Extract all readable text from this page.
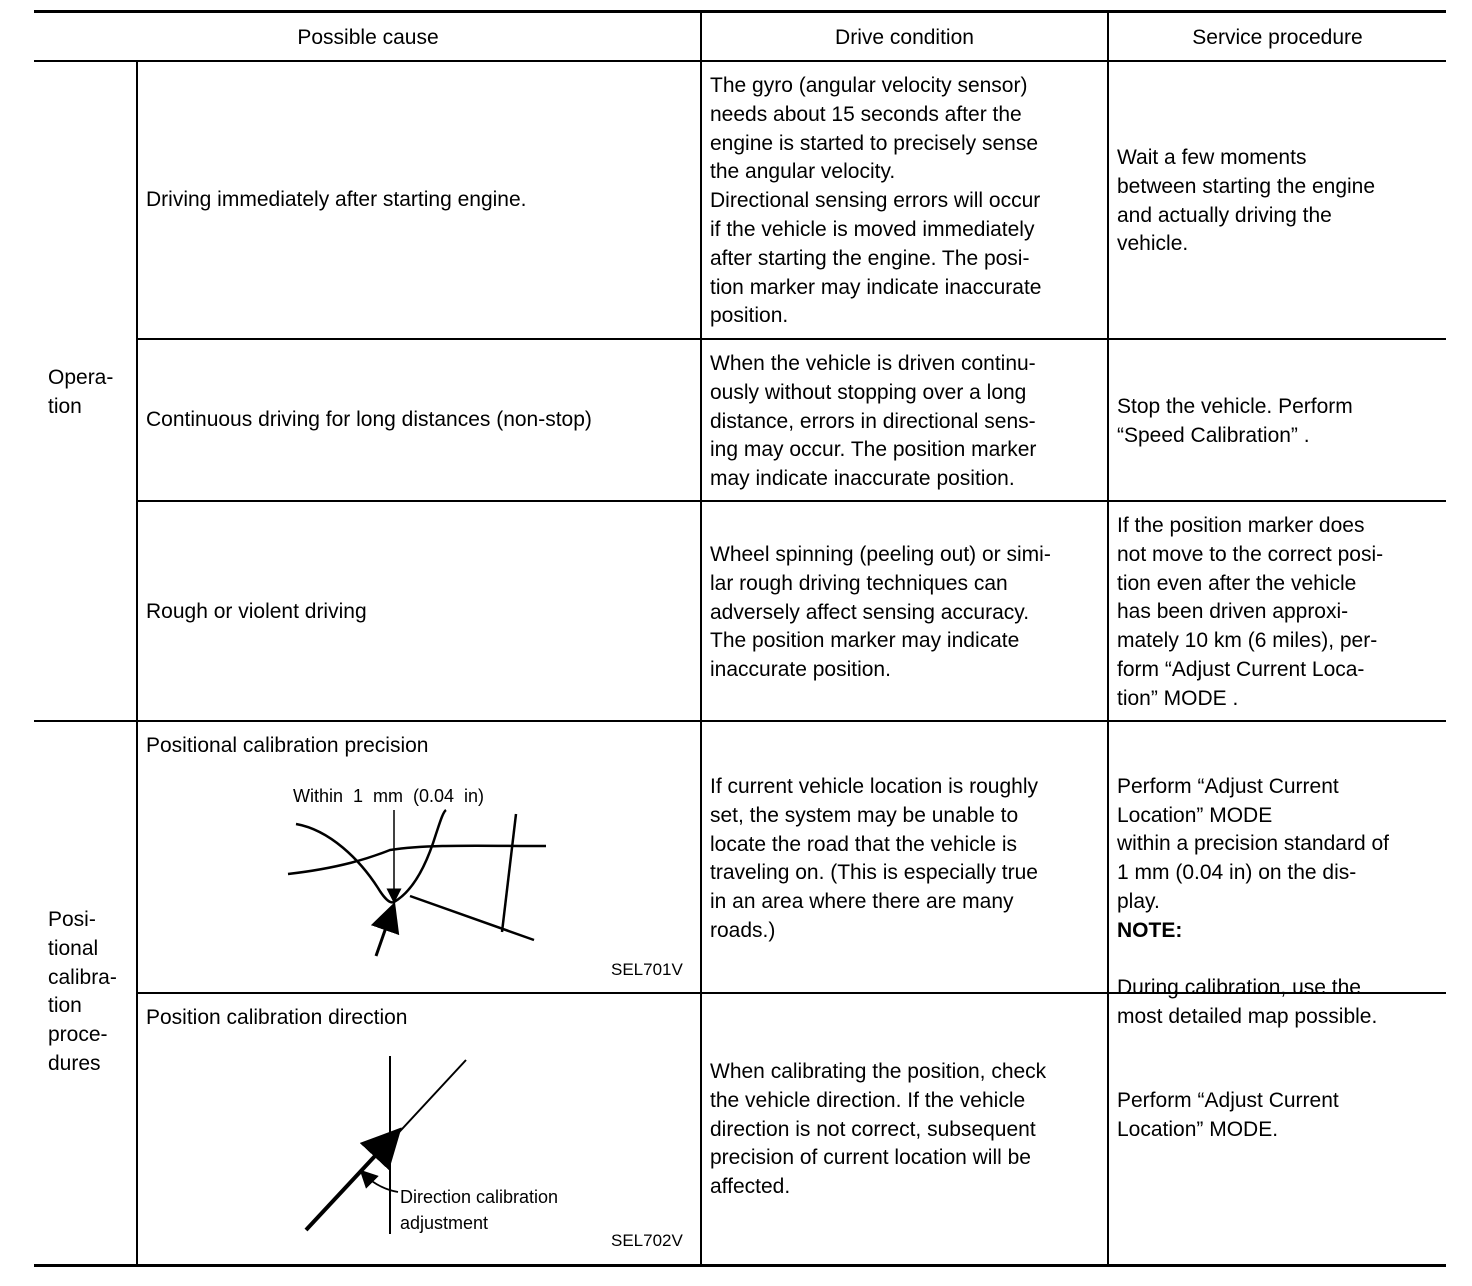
Possible cause	Drive condition	Service procedure
Opera-
tion
Posi-
tional
calibra-
tion
proce-
dures
Driving immediately after starting engine.
The gyro (angular velocity sensor)
needs about 15 seconds after the
engine is started to precisely sense
the angular velocity.
Directional sensing errors will occur
if the vehicle is moved immediately
after starting the engine. The posi-
tion marker may indicate inaccurate
position.
Wait a few moments
between starting the engine
and actually driving the
vehicle.
Continuous driving for long distances (non-stop)
When the vehicle is driven continu-
ously without stopping over a long
distance, errors in directional sens-
ing may occur. The position marker
may indicate inaccurate position.
Stop the vehicle. Perform
“Speed Calibration” .
Rough or violent driving
Wheel spinning (peeling out) or simi-
lar rough driving techniques can
adversely affect sensing accuracy.
The position marker may indicate
inaccurate position.
If the position marker does
not move to the correct posi-
tion even after the vehicle
has been driven approxi-
mately 10 km (6 miles), per-
form “Adjust Current Loca-
tion” MODE .
Positional calibration precision
Within  1  mm  (0.04  in)
SEL701V
If current vehicle location is roughly
set, the system may be unable to
locate the road that the vehicle is
traveling on. (This is especially true
in an area where there are many
roads.)

Perform “Adjust Current
Location” MODE
within a precision standard of
1 mm (0.04 in) on the dis-
play.

NOTE:

During calibration, use the
most detailed map possible.

Position calibration direction
Direction calibration
adjustment
SEL702V
When calibrating the position, check
the vehicle direction. If the vehicle
direction is not correct, subsequent
precision of current location will be
affected.
Perform “Adjust Current
Location” MODE.
